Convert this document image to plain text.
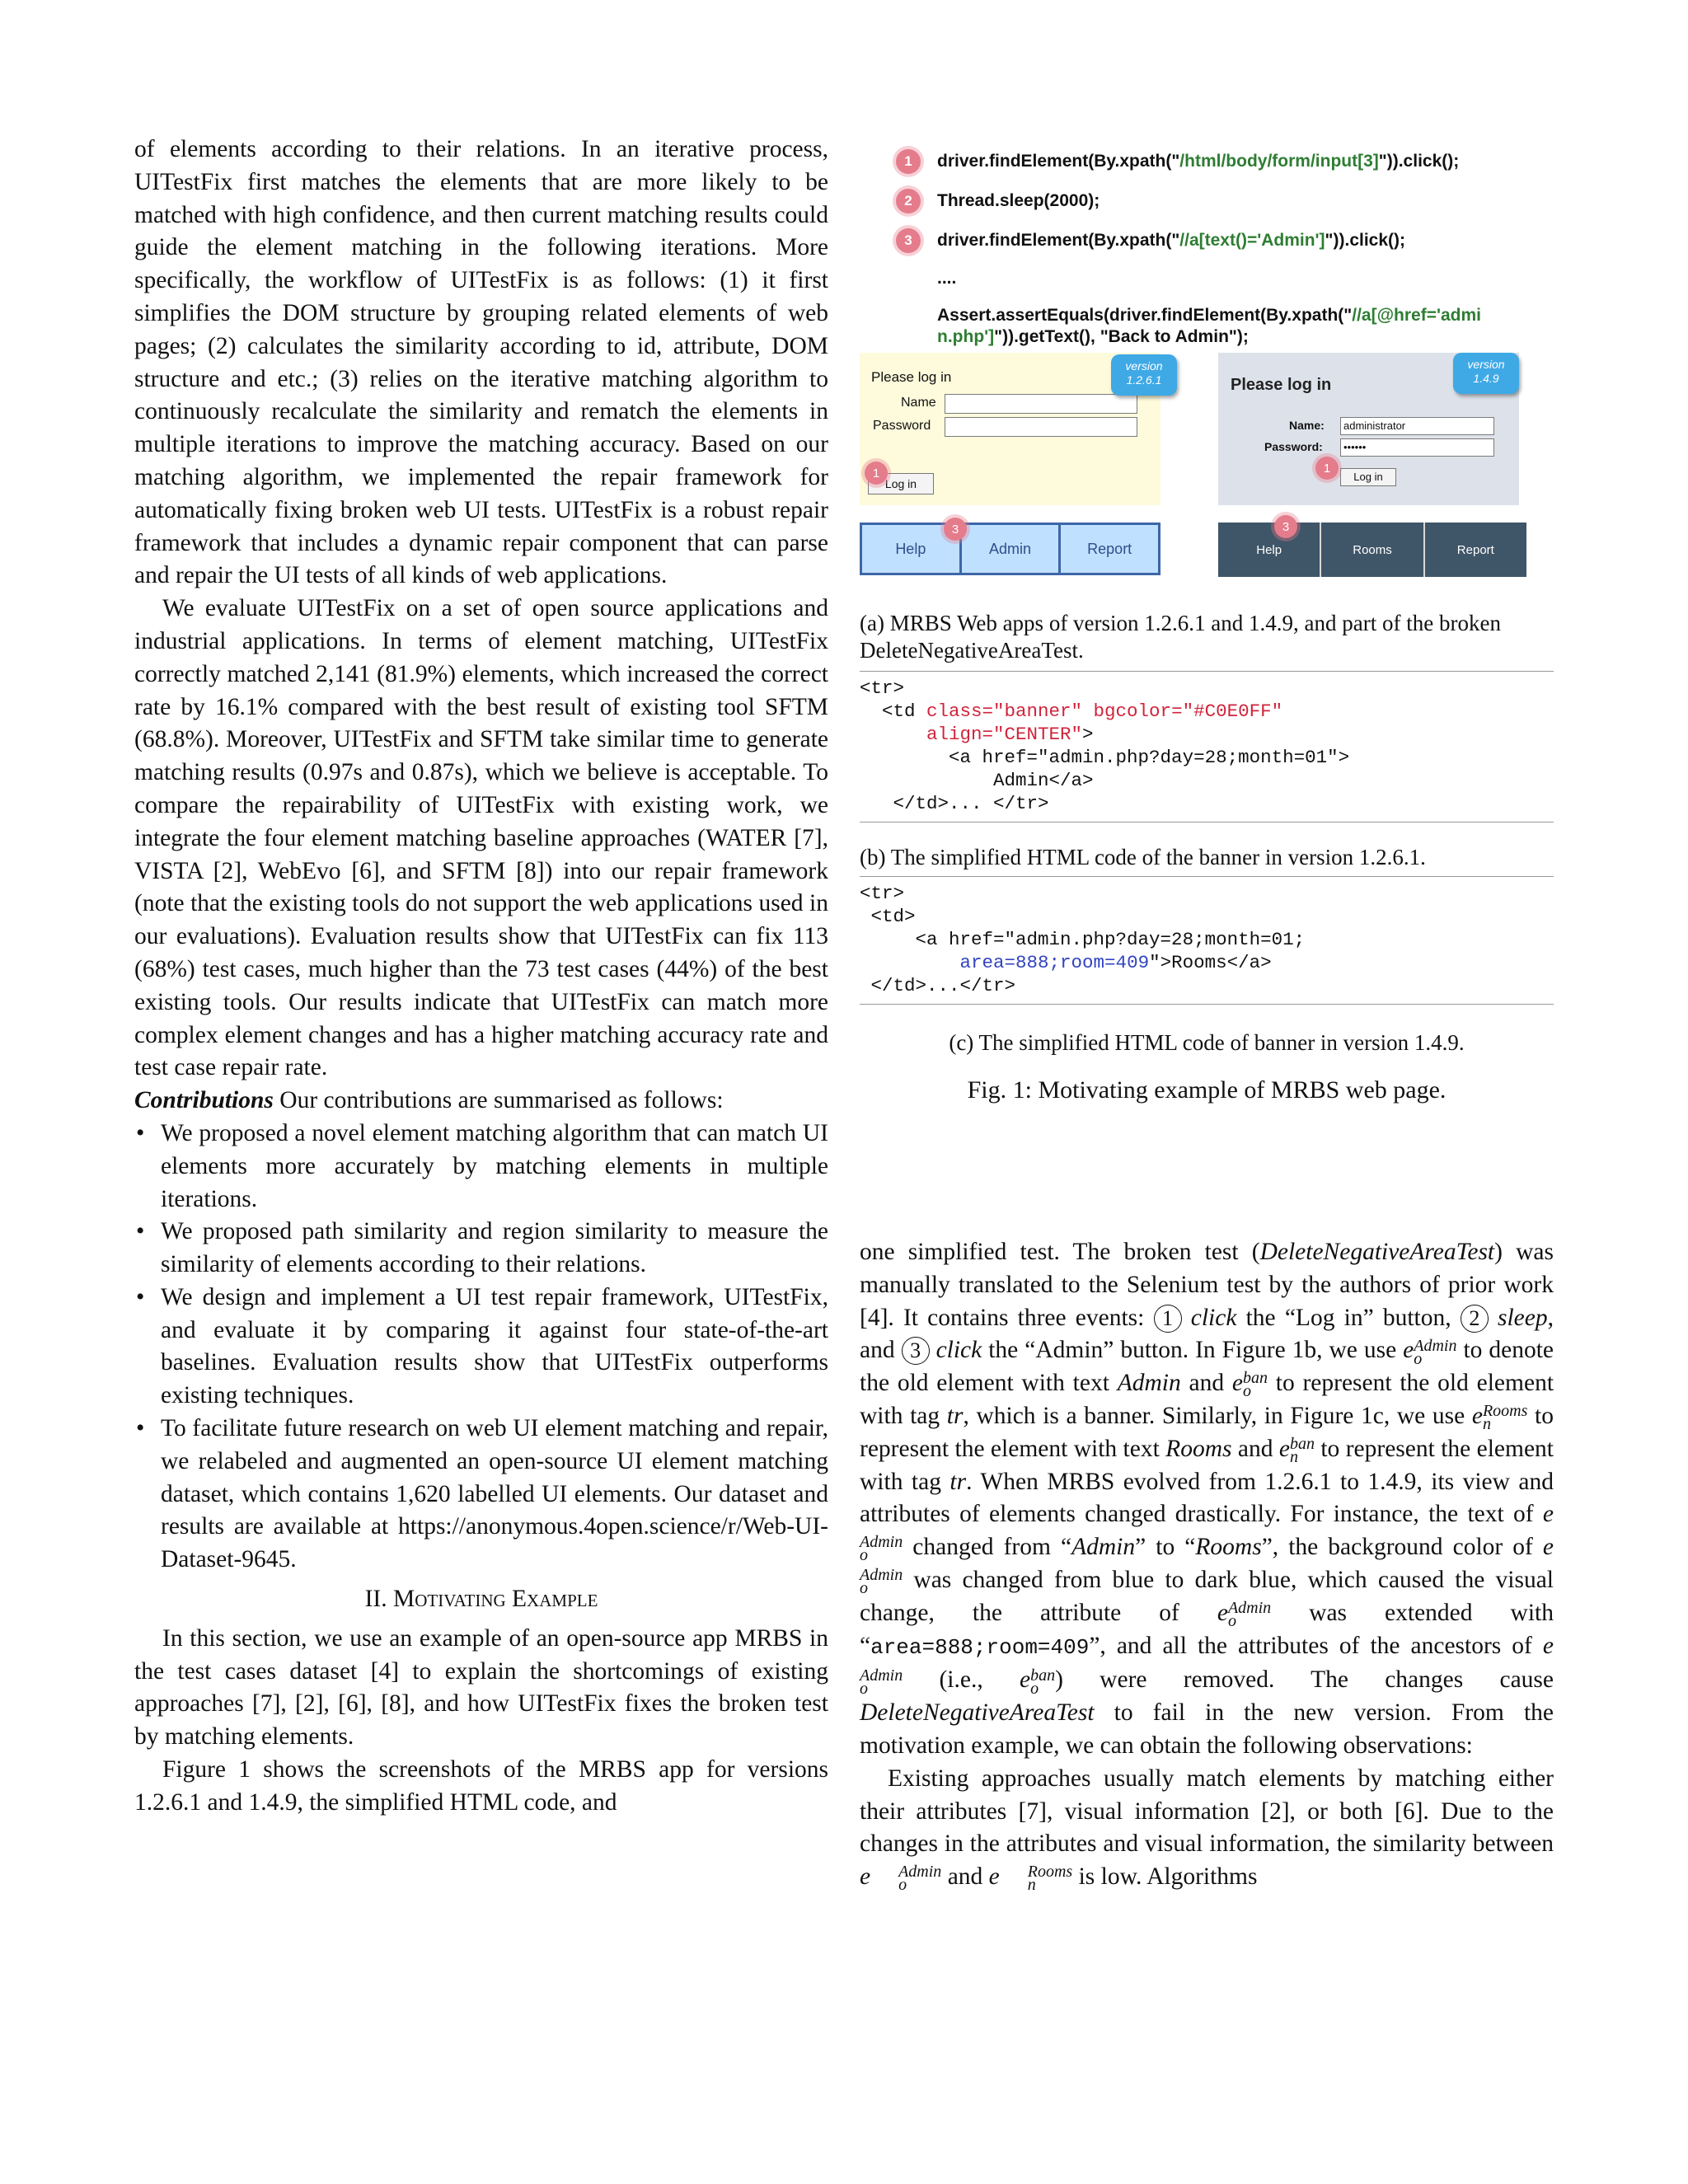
of elements according to their relations. In an iterative process, UITestFix first matches the elements that are more likely to be matched with high confidence, and then current matching results could guide the element matching in the following iterations. More specifically, the workflow of UITestFix is as follows: (1) it first simplifies the DOM structure by grouping related elements of web pages; (2) calculates the similarity according to id, attribute, DOM structure and etc.; (3) relies on the iterative matching algorithm to continuously recalculate the similarity and rematch the elements in multiple iterations to improve the matching accuracy. Based on our matching algorithm, we implemented the repair framework for automatically fixing broken web UI tests. UITestFix is a robust repair framework that includes a dynamic repair component that can parse and repair the UI tests of all kinds of web applications.

We evaluate UITestFix on a set of open source applications and industrial applications. In terms of element matching, UITestFix correctly matched 2,141 (81.9%) elements, which increased the correct rate by 16.1% compared with the best result of existing tool SFTM (68.8%). Moreover, UITestFix and SFTM take similar time to generate matching results (0.97s and 0.87s), which we believe is acceptable. To compare the repairability of UITestFix with existing work, we integrate the four element matching baseline approaches (WATER [7], VISTA [2], WebEvo [6], and SFTM [8]) into our repair framework (note that the existing tools do not support the web applications used in our evaluations). Evaluation results show that UITestFix can fix 113 (68%) test cases, much higher than the 73 test cases (44%) of the best existing tools. Our results indicate that UITestFix can match more complex element changes and has a higher matching accuracy rate and test case repair rate.

Contributions Our contributions are summarised as follows:

• We proposed a novel element matching algorithm that can match UI elements more accurately by matching elements in multiple iterations.
• We proposed path similarity and region similarity to measure the similarity of elements according to their relations.
• We design and implement a UI test repair framework, UITestFix, and evaluate it by comparing it against four state-of-the-art baselines. Evaluation results show that UITestFix outperforms existing techniques.
• To facilitate future research on web UI element matching and repair, we relabeled and augmented an open-source UI element matching dataset, which contains 1,620 labelled UI elements. Our dataset and results are available at https://anonymous.4open.science/r/Web-UI-Dataset-9645.
II. Motivating Example

In this section, we use an example of an open-source app MRBS in the test cases dataset [4] to explain the shortcomings of existing approaches [7], [2], [6], [8], and how UITestFix fixes the broken test by matching elements.

Figure 1 shows the screenshots of the MRBS app for versions 1.2.6.1 and 1.4.9, the simplified HTML code, and

1	driver.findElement(By.xpath(" /html/body/form/input[3] ")).click();
2	Thread.sleep(2000);
3	driver.findElement(By.xpath(" //a[text()='Admin'] ")).click();
....
Assert.assertEquals(driver.findElement(By.xpath("//a[@href='admi
n.php']")).getText(), "Back to Admin");
Please log in
Name
Password
Log in
1
version
1.2.6.1
Help	Admin	Report
3
Please log in
Name:	administrator
Password:	••••••
Log in
1
version
1.4.9
Help	Rooms	Report
3
(a) MRBS Web apps of version 1.2.6.1 and 1.4.9, and part of the broken DeleteNegativeAreaTest.
<tr>
<td class="banner" bgcolor="#C0E0FF"
align="CENTER">
<a href="admin.php?day=28;month=01">
Admin</a>
</td>... </tr>
(b) The simplified HTML code of the banner in version 1.2.6.1.
<tr>
<td>
<a href="admin.php?day=28;month=01;
area=888;room=409">Rooms</a>
</td>...</tr>
(c) The simplified HTML code of banner in version 1.4.9.
Fig. 1: Motivating example of MRBS web page.

one simplified test. The broken test (DeleteNegativeAreaTest) was manually translated to the Selenium test by the authors of prior work [4]. It contains three events: 1 click the “Log in” button, 2 sleep, and 3 click the “Admin” button. In Figure 1b, we use e Admin
o	to denote the old element with text Admin and e ban
o to represent the old element with tag tr, which is a banner. Similarly, in Figure 1c, we use e Rooms
n	to represent the element with text Rooms and e ban
n to represent the element with tag tr. When MRBS evolved from 1.2.6.1 to 1.4.9, its view and attributes of elements changed drastically. For instance, the text of e
Admin
o	changed from “Admin” to “Rooms”, the background color of e
Admin
o	was changed from blue to dark blue, which caused the visual change, the attribute of e Admin
o	was extended with “area=888;room=409”, and all the attributes of the ancestors of e
Admin
o	(i.e., e ban
o ) were removed. The changes cause DeleteNegativeAreaTest to fail in the new version. From the motivation example, we can obtain the following observations:

Existing approaches usually match elements by matching either their attributes [7], visual information [2], or both [6]. Due to the changes in the attributes and visual information, the similarity between e	Admin
o	and e	Rooms
n	is low. Algorithms
